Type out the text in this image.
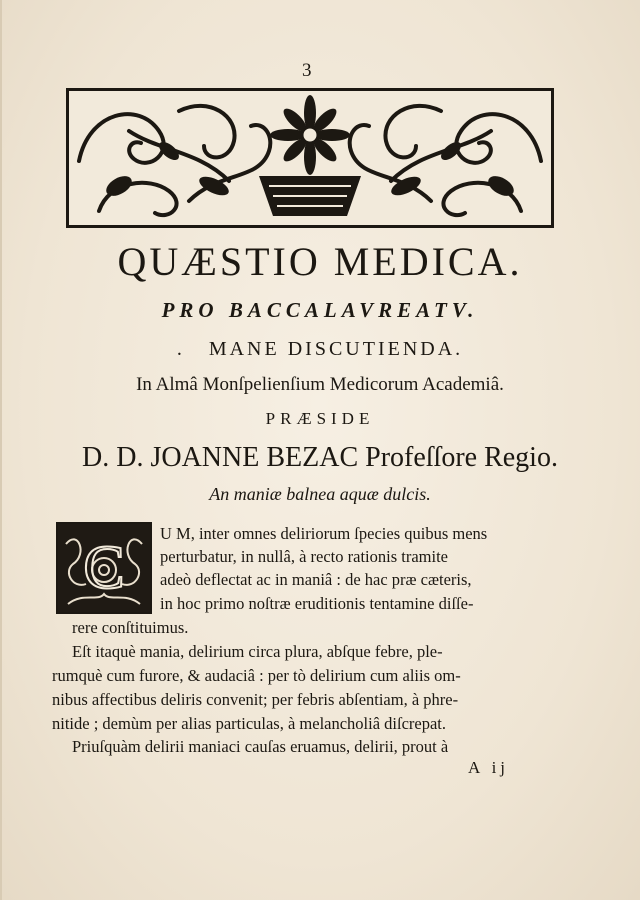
3
QUÆSTIO MEDICA.
PRO BACCALAVREATV.
. MANE DISCUTIENDA.
In Almâ Monſpelienſium Medicorum Academiâ.
PRÆSIDE
D. D. JOANNE BEZAC Profeſſore Regio.
An maniæ balnea aquæ dulcis.
C
U M, inter omnes deliriorum ſpecies quibus mens
perturbatur, in nullâ, à recto rationis tramite
adeò deflectat ac in maniâ : de hac præ cæteris,
in hoc primo noſtræ eruditionis tentamine diſſe-
rere conſtituimus.
Eſt itaquè mania, delirium circa plura, abſque febre, ple-
rumquè cum furore, & audaciâ : per tò delirium cum aliis om-
nibus affectibus deliris convenit; per febris abſentiam, à phre-
nitide ; demùm per alias particulas, à melancholiâ diſcrepat.
Priuſquàm delirii maniaci cauſas eruamus, delirii, prout à
A ij
